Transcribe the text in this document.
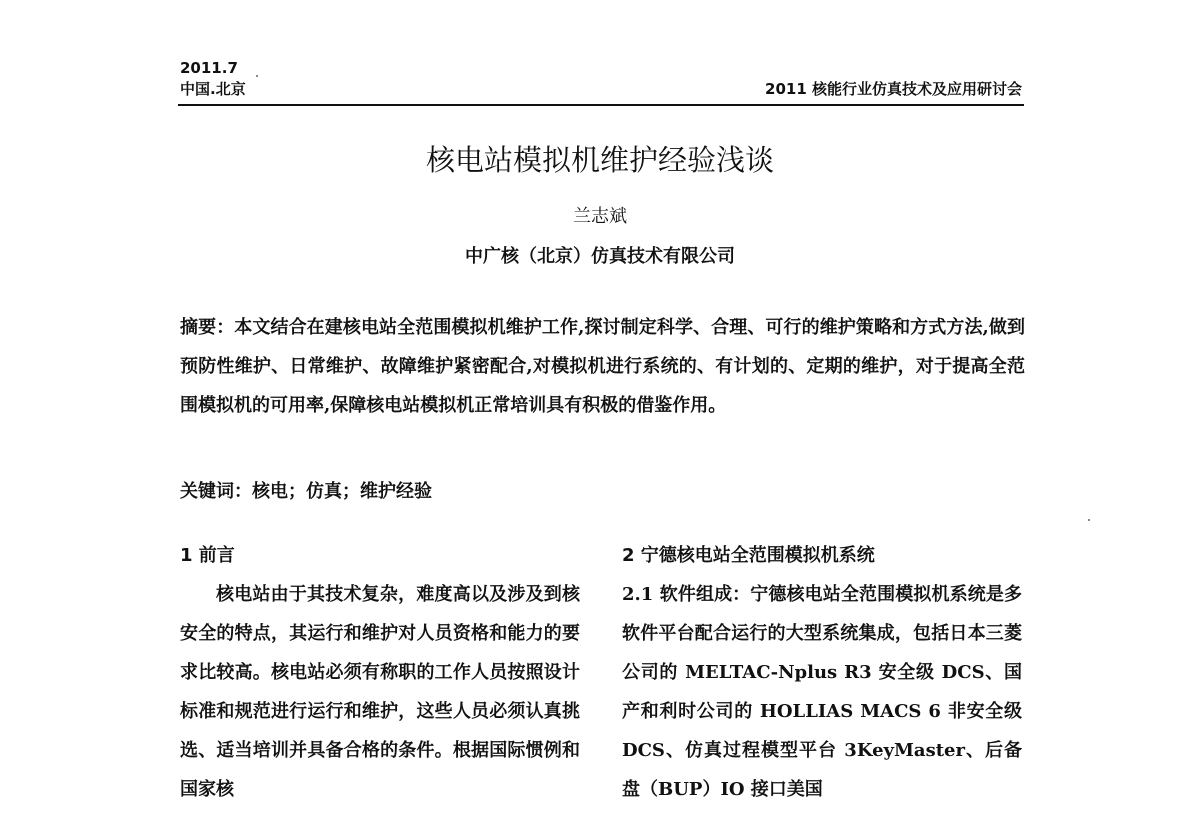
2011.7
中国.北京	2011 核能行业仿真技术及应用研讨会
核电站模拟机维护经验浅谈
兰志斌
中广核（北京）仿真技术有限公司
摘要：本文结合在建核电站全范围模拟机维护工作,探讨制定科学、合理、可行的维护策略和方式方法,做到预防性维护、日常维护、故障维护紧密配合,对模拟机进行系统的、有计划的、定期的维护，对于提高全范围模拟机的可用率,保障核电站模拟机正常培训具有积极的借鉴作用。
关键词：核电；仿真；维护经验
1 前言

核电站由于其技术复杂，难度高以及涉及到核安全的特点，其运行和维护对人员资格和能力的要求比较高。核电站必须有称职的工作人员按照设计标准和规范进行运行和维护，这些人员必须认真挑选、适当培训并具备合格的条件。根据国际惯例和国家核

2 宁德核电站全范围模拟机系统

2.1 软件组成：宁德核电站全范围模拟机系统是多软件平台配合运行的大型系统集成，包括日本三菱公司的 MELTAC-Nplus R3 安全级 DCS、国产和利时公司的 HOLLIAS MACS 6 非安全级 DCS、仿真过程模型平台 3KeyMaster、后备盘（BUP）IO 接口美国
